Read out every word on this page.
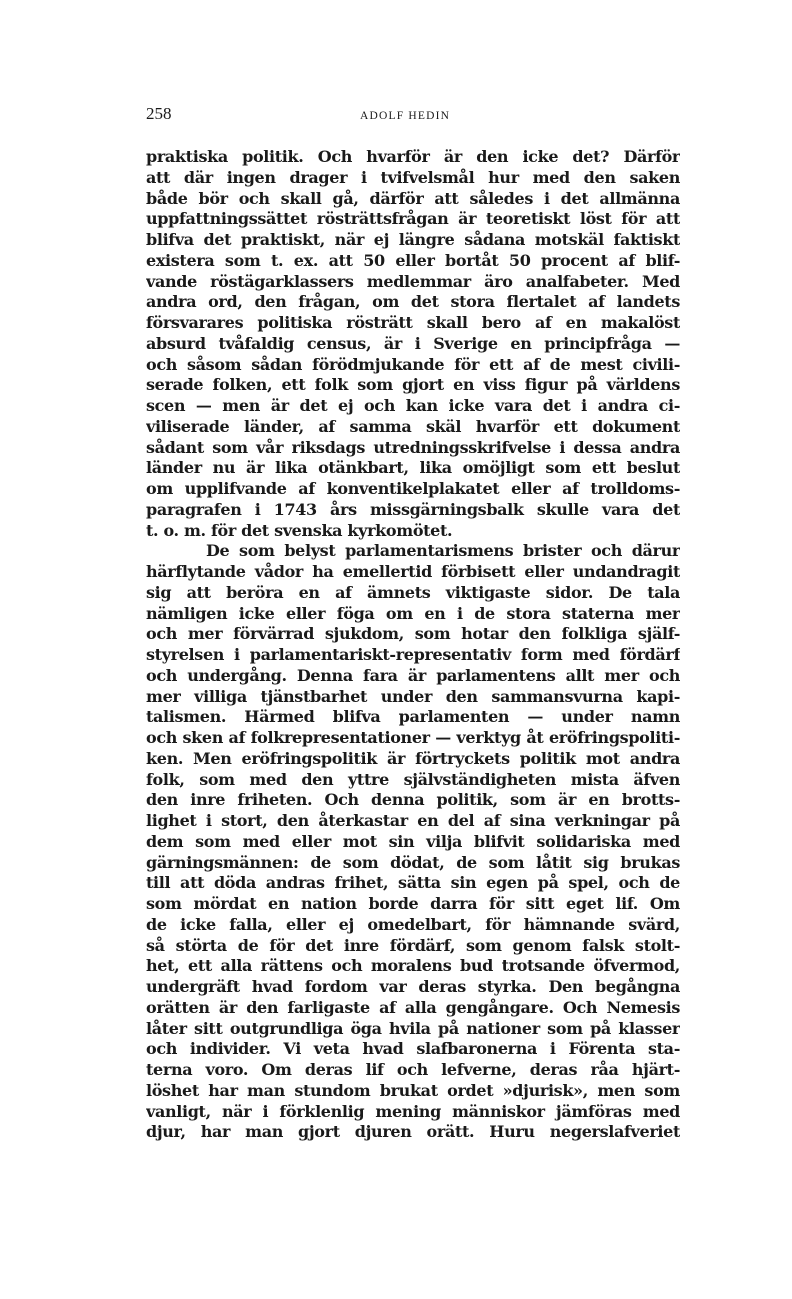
258	ADOLF HEDIN
praktiska politik. Och hvarför är den icke det? Därför
att där ingen drager i tvifvelsmål hur med den saken
både bör och skall gå, därför att således i det allmänna
uppfattningssättet rösträttsfrågan är teoretiskt löst för att
blifva det praktiskt, när ej längre sådana motskäl faktiskt
existera som t. ex. att 50 eller bortåt 50 procent af blif-
vande röstägarklassers medlemmar äro analfabeter. Med
andra ord, den frågan, om det stora flertalet af landets
försvarares politiska rösträtt skall bero af en makalöst
absurd tvåfaldig census, är i Sverige en principfråga —
och såsom sådan förödmjukande för ett af de mest civili-
serade folken, ett folk som gjort en viss figur på världens
scen — men är det ej och kan icke vara det i andra ci-
viliserade länder, af samma skäl hvarför ett dokument
sådant som vår riksdags utredningsskrifvelse i dessa andra
länder nu är lika otänkbart, lika omöjligt som ett beslut
om upplifvande af konventikelplakatet eller af trolldoms-
paragrafen i 1743 års missgärningsbalk skulle vara det
t. o. m. för det svenska kyrkomötet.
De som belyst parlamentarismens brister och därur
härflytande vådor ha emellertid förbisett eller undandragit
sig att beröra en af ämnets viktigaste sidor. De tala
nämligen icke eller föga om en i de stora staterna mer
och mer förvärrad sjukdom, som hotar den folkliga själf-
styrelsen i parlamentariskt-representativ form med fördärf
och undergång. Denna fara är parlamentens allt mer och
mer villiga tjänstbarhet under den sammansvurna kapi-
talismen. Härmed blifva parlamenten — under namn
och sken af folkrepresentationer — verktyg åt eröfringspoliti-
ken. Men eröfringspolitik är förtryckets politik mot andra
folk, som med den yttre självständigheten mista äfven
den inre friheten. Och denna politik, som är en brotts-
lighet i stort, den återkastar en del af sina verkningar på
dem som med eller mot sin vilja blifvit solidariska med
gärningsmännen: de som dödat, de som låtit sig brukas
till att döda andras frihet, sätta sin egen på spel, och de
som mördat en nation borde darra för sitt eget lif. Om
de icke falla, eller ej omedelbart, för hämnande svärd,
så störta de för det inre fördärf, som genom falsk stolt-
het, ett alla rättens och moralens bud trotsande öfvermod,
undergräft hvad fordom var deras styrka. Den begångna
orätten är den farligaste af alla gengångare. Och Nemesis
låter sitt outgrundliga öga hvila på nationer som på klasser
och individer. Vi veta hvad slafbaronerna i Förenta sta-
terna voro. Om deras lif och lefverne, deras råa hjärt-
löshet har man stundom brukat ordet »djurisk», men som
vanligt, när i förklenlig mening människor jämföras med
djur, har man gjort djuren orätt. Huru negerslafveriet
